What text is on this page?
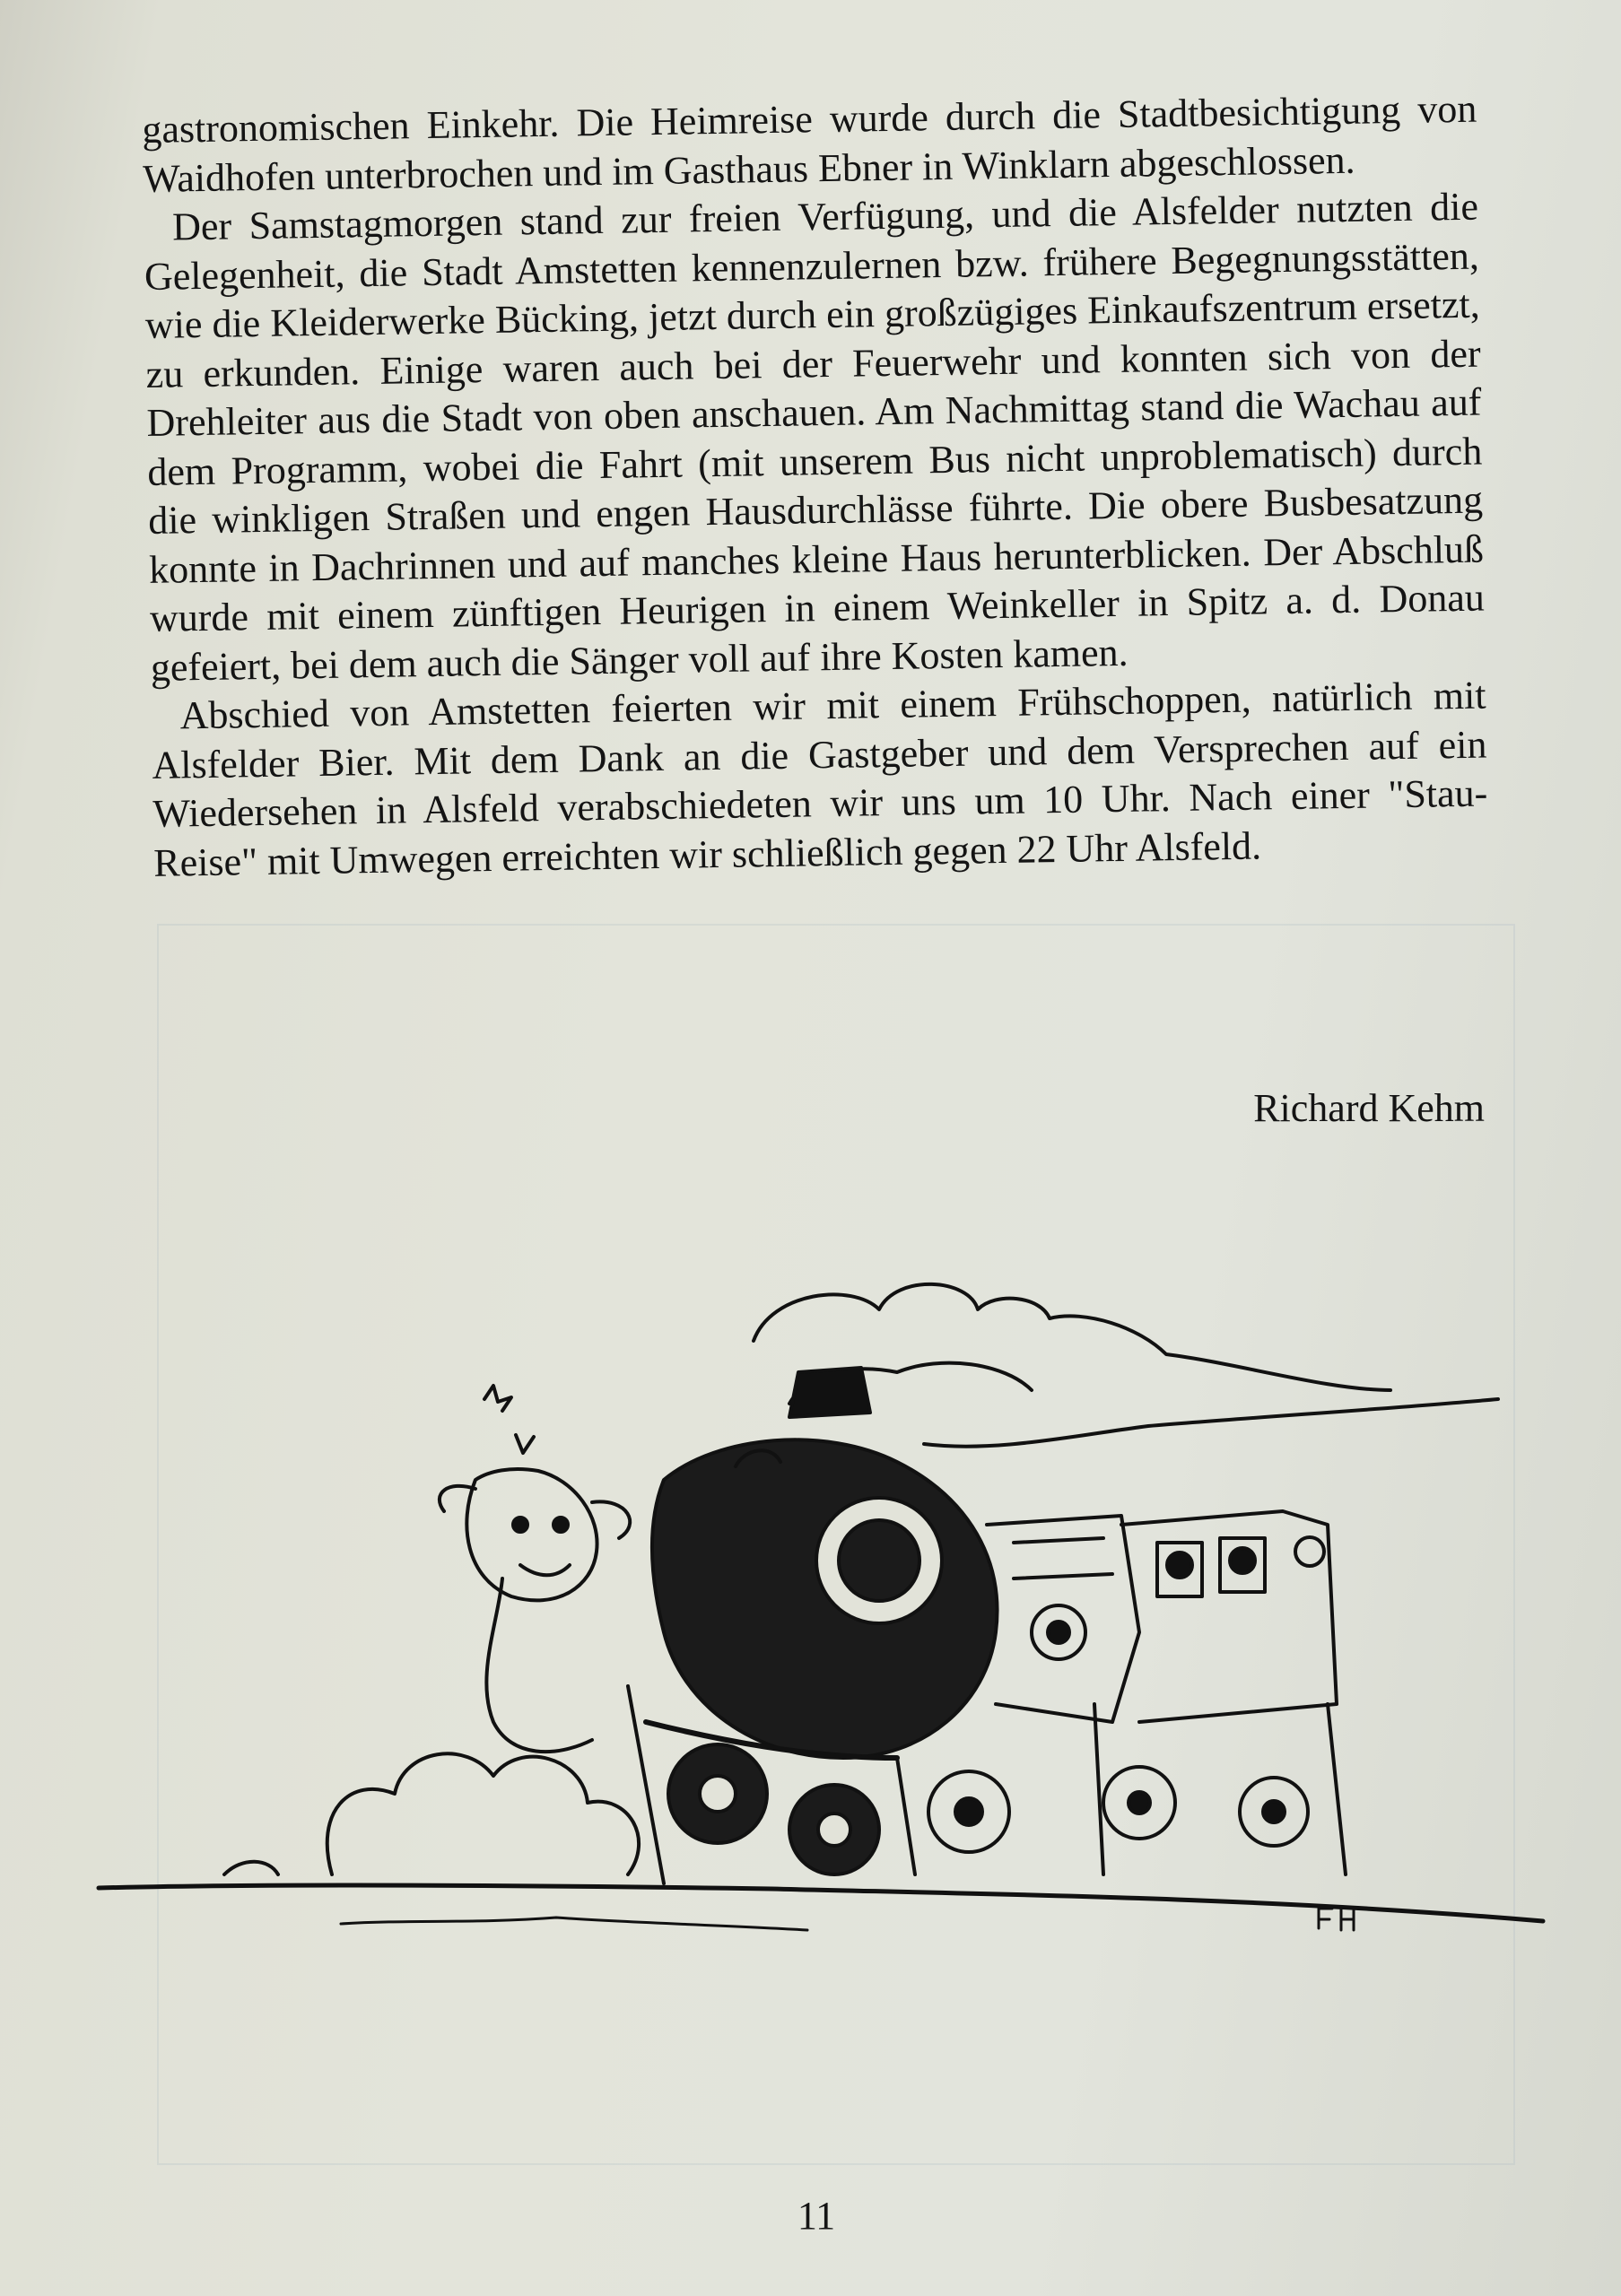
gastronomischen Einkehr. Die Heimreise wurde durch die Stadtbesichtigung von Waidhofen unterbrochen und im Gasthaus Ebner in Winklarn abgeschlossen.

Der Samstagmorgen stand zur freien Verfügung, und die Alsfelder nutzten die Gelegenheit, die Stadt Amstetten kennenzulernen bzw. frühere Begegnungsstätten, wie die Kleiderwerke Bücking, jetzt durch ein großzügiges Einkaufszentrum ersetzt, zu erkunden. Einige waren auch bei der Feuerwehr und konnten sich von der Drehleiter aus die Stadt von oben anschauen. Am Nachmittag stand die Wachau auf dem Programm, wobei die Fahrt (mit unserem Bus nicht unproblematisch) durch die winkligen Straßen und engen Hausdurchlässe führte. Die obere Busbesatzung konnte in Dachrinnen und auf manches kleine Haus herunterblicken. Der Abschluß wurde mit einem zünftigen Heurigen in einem Weinkeller in Spitz a. d. Donau gefeiert, bei dem auch die Sänger voll auf ihre Kosten kamen.

Abschied von Amstetten feierten wir mit einem Frühschoppen, natürlich mit Alsfelder Bier. Mit dem Dank an die Gastgeber und dem Versprechen auf ein Wiedersehen in Alsfeld verabschiedeten wir uns um 10 Uhr. Nach einer "Stau-Reise" mit Umwegen erreichten wir schließlich gegen 22 Uhr Alsfeld.

Richard Kehm
11
